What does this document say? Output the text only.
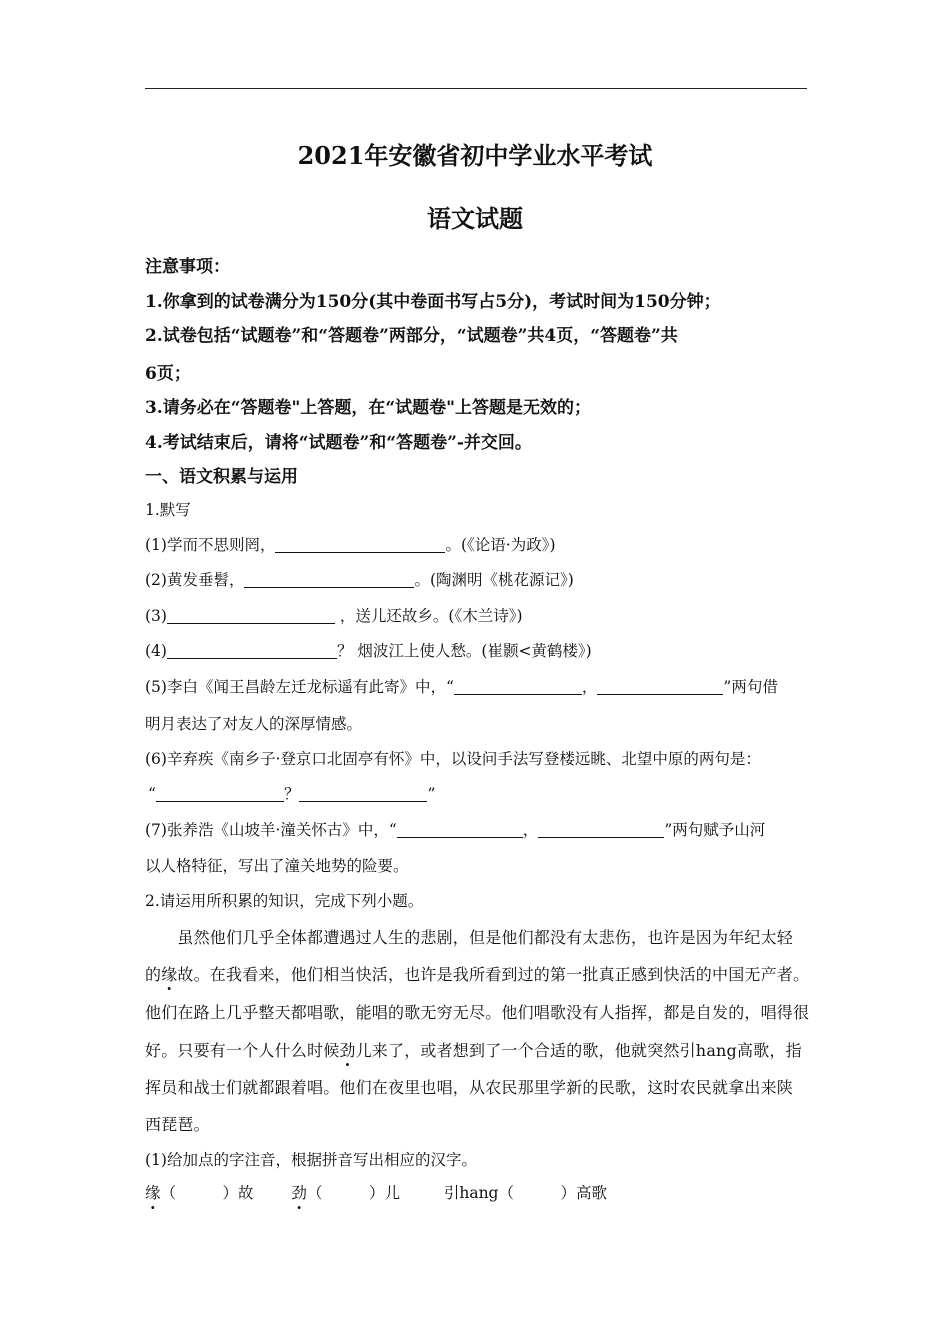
2021年安徽省初中学业水平考试
语文试题
注意事项：
1.你拿到的试卷满分为150分(其中卷面书写占5分)，考试时间为150分钟；
2.试卷包括“试题卷”和“答题卷”两部分，“试题卷”共4页，“答题卷”共
6页；
3.请务必在“答题卷"上答题，在“试题卷"上答题是无效的；
4.考试结束后，请将“试题卷”和“答题卷”-并交回。
一、语文积累与运用
1.默写
(1)学而不思则罔，	。(《论语·为政》)
(2)黄发垂髫，	。(陶渊明《桃花源记》)
(3)	，送儿还故乡。(《木兰诗》)
(4)	？ 烟波江上使人愁。(崔颢<黄鹤楼》)
(5)李白《闻王昌龄左迁龙标遥有此寄》中，“	，	”两句借
明月表达了对友人的深厚情感。
(6)辛弃疾《南乡子·登京口北固亭有怀》中，以设问手法写登楼远眺、北望中原的两句是：
“	？	”
(7)张养浩《山坡羊·潼关怀古》中，“	，	”两句赋予山河
以人格特征，写出了潼关地势的险要。
2.请运用所积累的知识，完成下列小题。
　　虽然他们几乎全体都遭遇过人生的悲剧，但是他们都没有太悲伤，也许是因为年纪太轻
的缘故。在我看来，他们相当快活，也许是我所看到过的第一批真正感到快活的中国无产者。
他们在路上几乎整天都唱歌，能唱的歌无穷无尽。他们唱歌没有人指挥，都是自发的，唱得很
好。只要有一个人什么时候劲儿来了，或者想到了一个合适的歌，他就突然引hang高歌，指
挥员和战士们就都跟着唱。他们在夜里也唱，从农民那里学新的民歌，这时农民就拿出来陕
西琵琶。
(1)给加点的字注音，根据拼音写出相应的汉字。
缘（　　　）故 劲（　　　）儿	引hang（　　　）高歌
